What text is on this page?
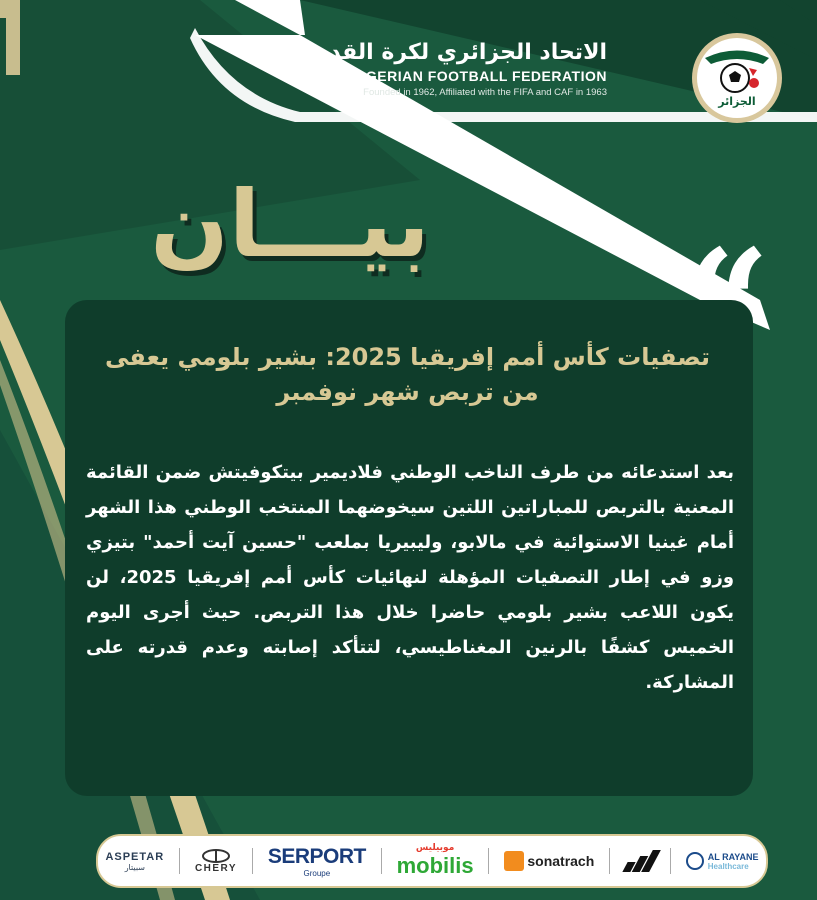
الاتحاد الجزائري لكرة القدم
ALGERIAN FOOTBALL FEDERATION
Founded in 1962, Affiliated with the FIFA and CAF in 1963
الجزائر
بيـــان
تصفيات كأس أمم إفريقيا 2025: بشير بلومي يعفى من تربص شهر نوفمبر
بعد استدعائه من طرف الناخب الوطني فلاديمير بيتكوفيتش ضمن القائمة المعنية بالتربص للمباراتين اللتين سيخوضهما المنتخب الوطني هذا الشهر أمام غينيا الاستوائية في مالابو، وليبيريا بملعب "حسين آيت أحمد" بتيزي وزو في إطار التصفيات المؤهلة لنهائيات كأس أمم إفريقيا 2025، لن يكون اللاعب بشير بلومي حاضرا خلال هذا التربص. حيث أجرى اليوم الخميس كشفًا بالرنين المغناطيسي، لتتأكد إصابته وعدم قدرته على المشاركة.
ASPETAR
سبيتار	CHERY
SERPORT
Groupe
موبيليس
mobilis	sonatrach	AL RAYANE
Healthcare
